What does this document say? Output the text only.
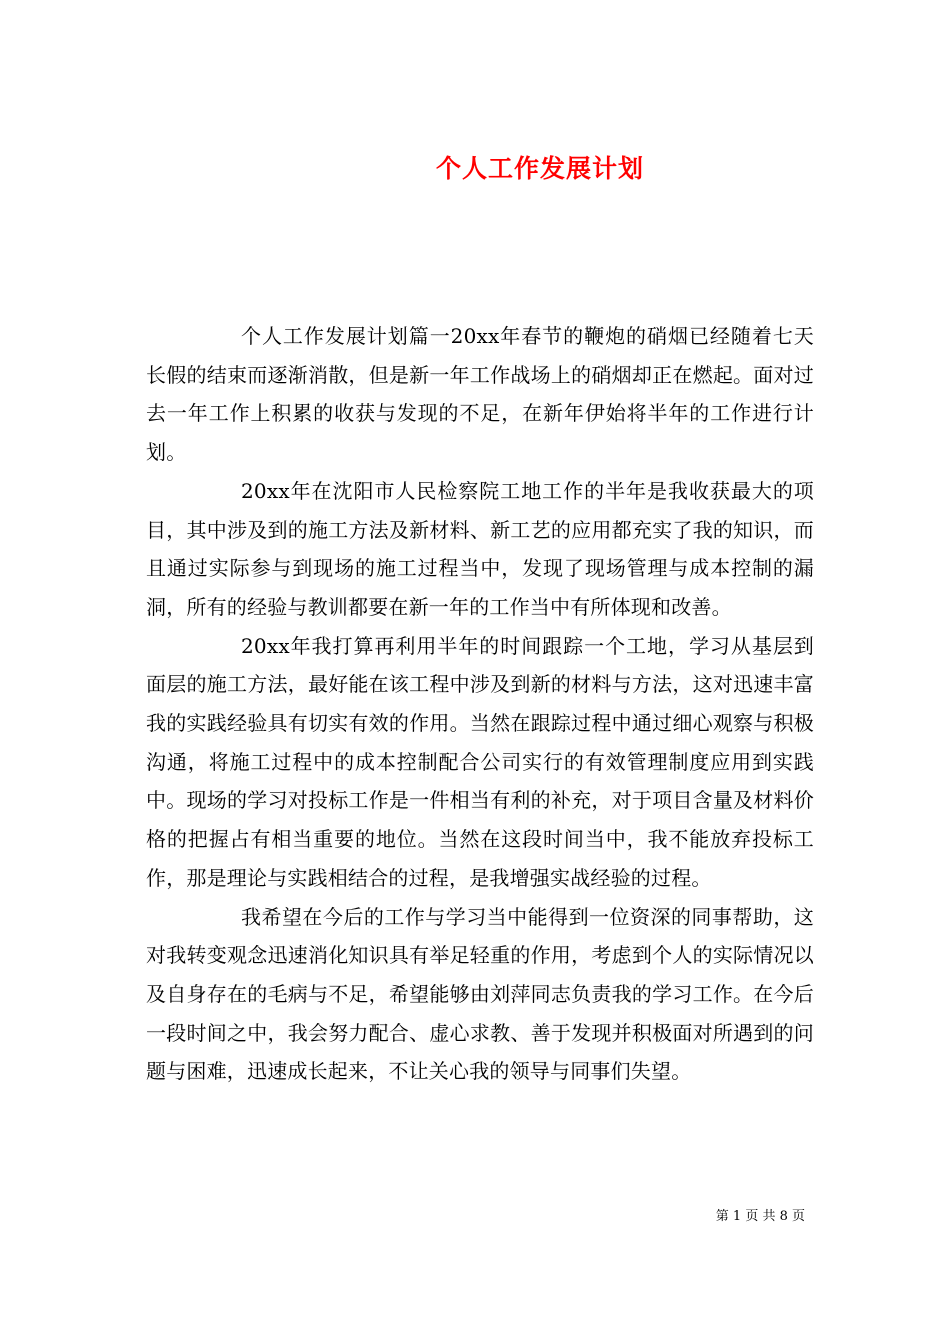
个人工作发展计划

个人工作发展计划篇一20xx年春节的鞭炮的硝烟已经随着七天长假的结束而逐渐消散，但是新一年工作战场上的硝烟却正在燃起。面对过去一年工作上积累的收获与发现的不足，在新年伊始将半年的工作进行计划。

20xx年在沈阳市人民检察院工地工作的半年是我收获最大的项目，其中涉及到的施工方法及新材料、新工艺的应用都充实了我的知识，而且通过实际参与到现场的施工过程当中，发现了现场管理与成本控制的漏洞，所有的经验与教训都要在新一年的工作当中有所体现和改善。

20xx年我打算再利用半年的时间跟踪一个工地，学习从基层到面层的施工方法，最好能在该工程中涉及到新的材料与方法，这对迅速丰富我的实践经验具有切实有效的作用。当然在跟踪过程中通过细心观察与积极沟通，将施工过程中的成本控制配合公司实行的有效管理制度应用到实践中。现场的学习对投标工作是一件相当有利的补充，对于项目含量及材料价格的把握占有相当重要的地位。当然在这段时间当中，我不能放弃投标工作，那是理论与实践相结合的过程，是我增强实战经验的过程。

我希望在今后的工作与学习当中能得到一位资深的同事帮助，这对我转变观念迅速消化知识具有举足轻重的作用，考虑到个人的实际情况以及自身存在的毛病与不足，希望能够由刘萍同志负责我的学习工作。在今后一段时间之中，我会努力配合、虚心求教、善于发现并积极面对所遇到的问题与困难，迅速成长起来，不让关心我的领导与同事们失望。

第 1 页 共 8 页
